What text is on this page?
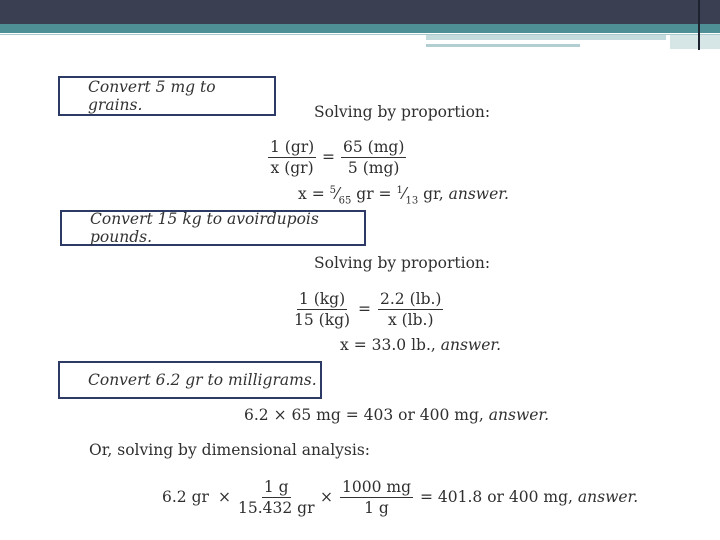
Convert 5 mg to grains.	Solving by proportion:
$\frac{1 (gr)}{x (gr)} = \frac{65 (mg)}{5 (mg)}$
$x = ^5⁄_{65}$ gr = $^1⁄_{13}$ gr, answer.
Convert 15 kg to avoirdupois pounds.
Solving by proportion:
$\frac{1 (kg)}{15 (kg)} = \frac{2.2 (lb.)}{x (lb.)}$
x = 33.0 lb., answer.
Convert 6.2 gr to milligrams.
6.2 × 65 mg = 403 or 400 mg, answer.
Or, solving by dimensional analysis:
6.2 gr × $\frac{1 g}{15.432 gr} \times \frac{1000 mg}{1 g} = 401.8$ or 400 mg, answer.
